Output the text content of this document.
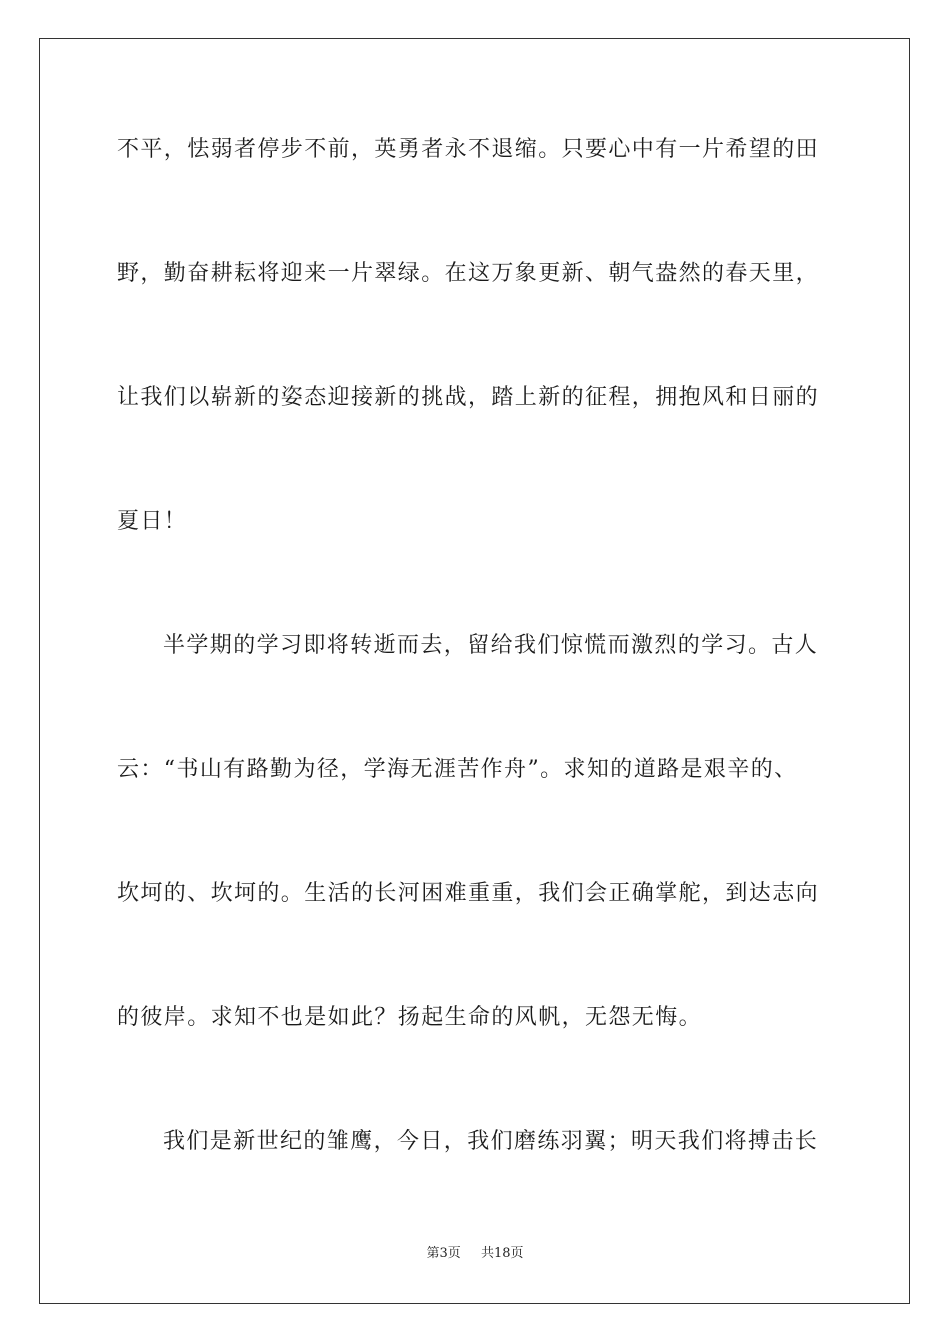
不平，怯弱者停步不前，英勇者永不退缩。只要心中有一片希望的田
野，勤奋耕耘将迎来一片翠绿。在这万象更新、朝气盎然的春天里，
让我们以崭新的姿态迎接新的挑战，踏上新的征程，拥抱风和日丽的
夏日！
半学期的学习即将转逝而去，留给我们惊慌而激烈的学习。古人
云：“书山有路勤为径，学海无涯苦作舟”。求知的道路是艰辛的、
坎坷的、坎坷的。生活的长河困难重重，我们会正确掌舵，到达志向
的彼岸。求知不也是如此？扬起生命的风帆，无怨无悔。
我们是新世纪的雏鹰，今日，我们磨练羽翼；明天我们将搏击长
第3页 共18页
